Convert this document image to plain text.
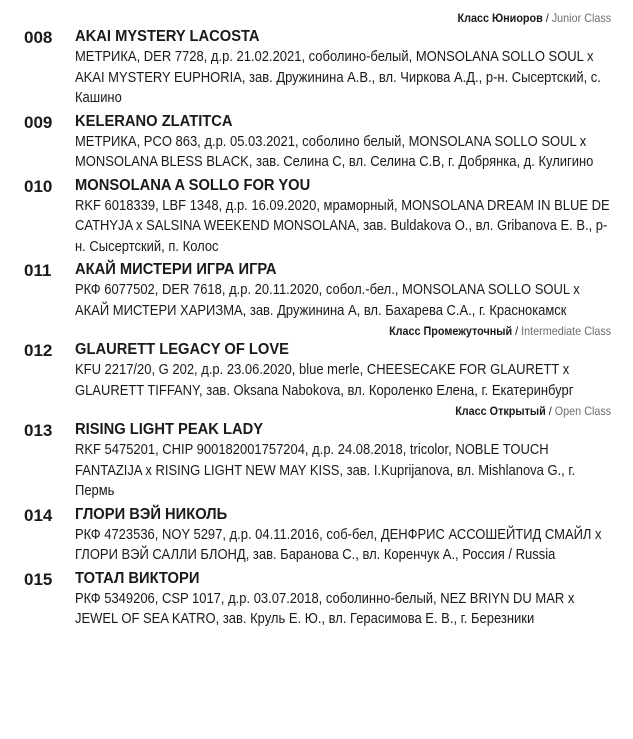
Класс Юниоров / Junior Class
008	AKAI MYSTERY LACOSTA
МЕТРИКА, DER 7728, д.р. 21.02.2021, соболино-белый, MONSOLANA SOLLO SOUL x AKAI MYSTERY EUPHORIA, зав. Дружинина А.В., вл. Чиркова А.Д., р-н. Сысертский, с. Кашино
009	KELERANO ZLATITCA
МЕТРИКА, PCO 863, д.р. 05.03.2021, соболино белый, MONSOLANA SOLLO SOUL x MONSOLANA BLESS BLACK, зав. Селина С, вл. Селина С.В, г. Добрянка, д. Кулигино
010	MONSOLANA A SOLLO FOR YOU
RKF 6018339, LBF 1348, д.р. 16.09.2020, мраморный, MONSOLANA DREAM IN BLUE DE CATHYJA x SALSINA WEEKEND MONSOLANA, зав. Buldakova O., вл. Gribanova E. B., р-н. Сысертский, п. Колос
011	АКАЙ МИСТЕРИ ИГРА ИГРА
РКФ 6077502, DER 7618, д.р. 20.11.2020, собол.-бел., MONSOLANA SOLLO SOUL x АКАЙ МИСТЕРИ ХАРИЗМА, зав. Дружинина А, вл. Бахарева С.А., г. Краснокамск
Класс Промежуточный / Intermediate Class
012	GLAURETT LEGACY OF LOVE
KFU 2217/20, G 202, д.р. 23.06.2020, blue merle, CHEESECAKE FOR GLAURETT x GLAURETT TIFFANY, зав. Oksana Nabokova, вл. Короленко Елена, г. Екатеринбург
Класс Открытый / Open Class
013	RISING LIGHT PEAK LADY
RKF 5475201, CHIP 900182001757204, д.р. 24.08.2018, tricolor, NOBLE TOUCH FANTAZIJA x RISING LIGHT NEW MAY KISS, зав. I.Kuprijanova, вл. Mishlanova G., г. Пермь
014	ГЛОРИ ВЭЙ НИКОЛЬ
РКФ 4723536, NOY 5297, д.р. 04.11.2016, соб-бел, ДЕНФРИС АССОШЕЙТИД СМАЙЛ x ГЛОРИ ВЭЙ САЛЛИ БЛОНД, зав. Баранова С., вл. Коренчук А., Россия / Russia
015	ТОТАЛ ВИКТОРИ
РКФ 5349206, CSP 1017, д.р. 03.07.2018, соболинно-белый, NEZ BRIYN DU MAR x JEWEL OF SEA KATRO, зав. Круль Е. Ю., вл. Герасимова Е. В., г. Березники
